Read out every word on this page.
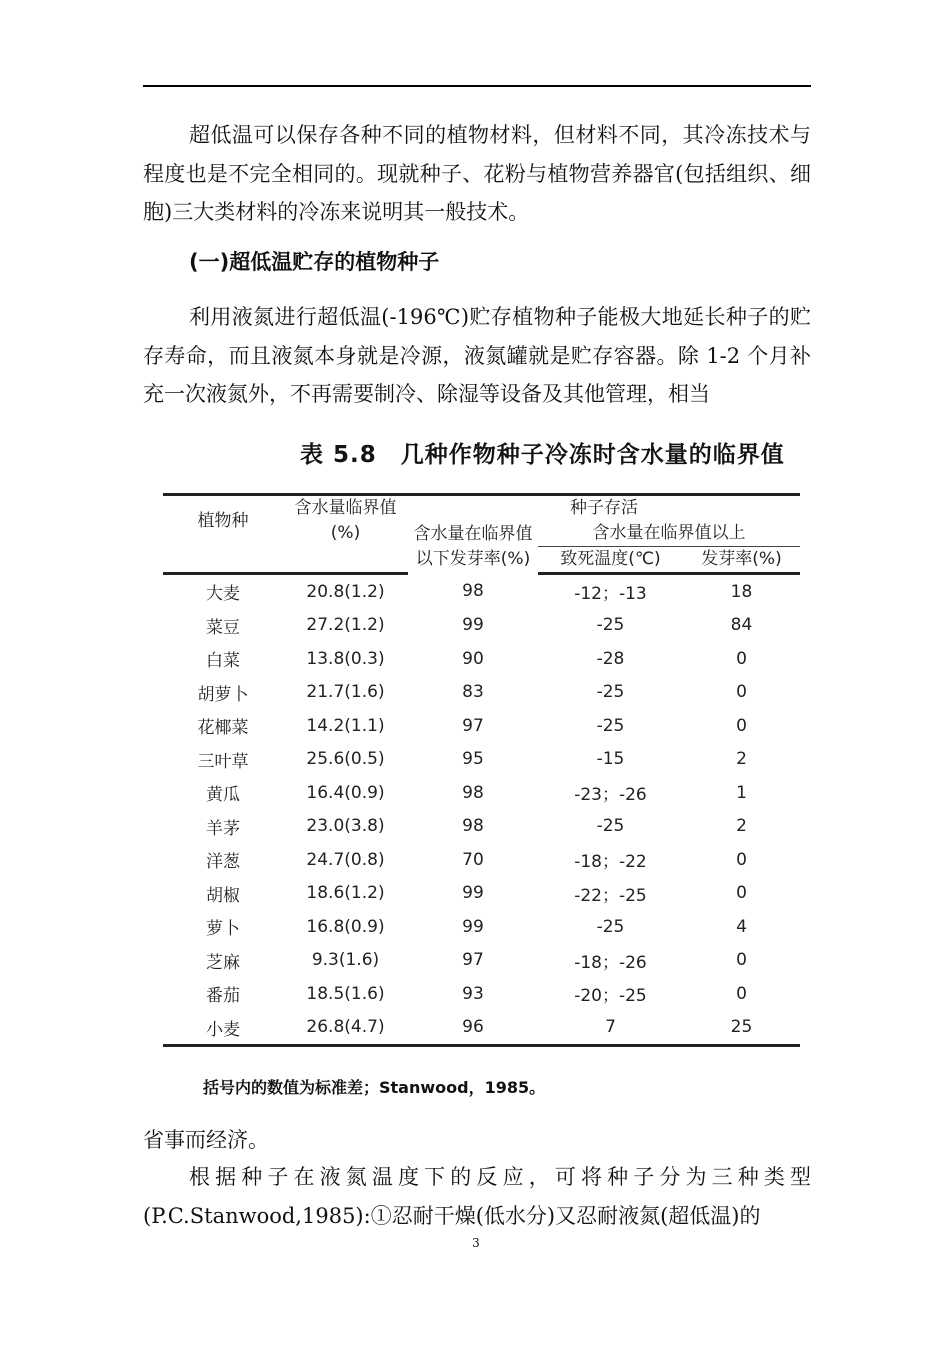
超低温可以保存各种不同的植物材料，但材料不同，其冷冻技术与程度也是不完全相同的。现就种子、花粉与植物营养器官(包括组织、细胞)三大类材料的冷冻来说明其一般技术。

(一)超低温贮存的植物种子

利用液氮进行超低温(-196℃)贮存植物种子能极大地延长种子的贮存寿命，而且液氮本身就是冷源，液氮罐就是贮存容器。除 1-2 个月补充一次液氮外，不再需要制冷、除湿等设备及其他管理，相当

表 5.8　几种作物种子冷冻时含水量的临界值
植物种	含水量临界值(%)	种子存活		
		含水量在临界值以下发芽率(%)	含水量在临界值以上	
			致死温度(℃)	发芽率(%)
大麦	20.8(1.2)	98	-12；-13	18
菜豆	27.2(1.2)	99	-25	84
白菜	13.8(0.3)	90	-28	0
胡萝卜	21.7(1.6)	83	-25	0
花椰菜	14.2(1.1)	97	-25	0
三叶草	25.6(0.5)	95	-15	2
黄瓜	16.4(0.9)	98	-23；-26	1
羊茅	23.0(3.8)	98	-25	2
洋葱	24.7(0.8)	70	-18；-22	0
胡椒	18.6(1.2)	99	-22；-25	0
萝卜	16.8(0.9)	99	-25	4
芝麻	9.3(1.6)	97	-18；-26	0
番茄	18.5(1.6)	93	-20；-25	0
小麦	26.8(4.7)	96	7	25
括号内的数值为标准差；Stanwood，1985。

省事而经济。

根据种子在液氮温度下的反应，可将种子分为三种类型(P.C.Stanwood,1985):①忍耐干燥(低水分)又忍耐液氮(超低温)的

3
